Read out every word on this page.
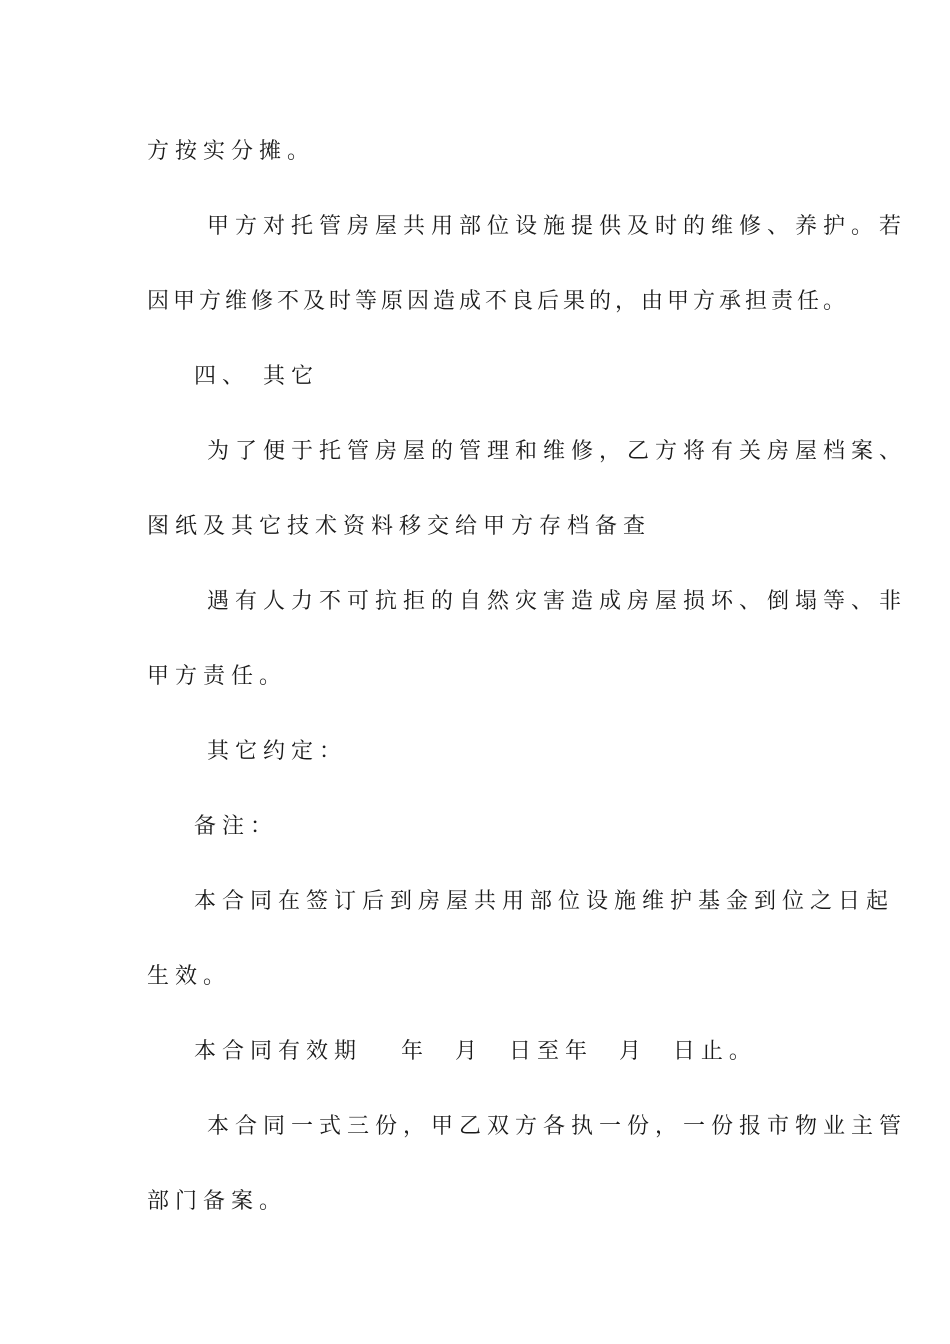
方按实分摊。
甲方对托管房屋共用部位设施提供及时的维修、养护。若
因甲方维修不及时等原因造成不良后果的，由甲方承担责任。
四、 其它
为了便于托管房屋的管理和维修，乙方将有关房屋档案、
图纸及其它技术资料移交给甲方存档备查
遇有人力不可抗拒的自然灾害造成房屋损坏、倒塌等、非
甲方责任。
其它约定：
备注：
本合同在签订后到房屋共用部位设施维护基金到位之日起
生效。
本合同有效期   年  月  日至年  月  日止。
本合同一式三份，甲乙双方各执一份，一份报市物业主管
部门备案。
